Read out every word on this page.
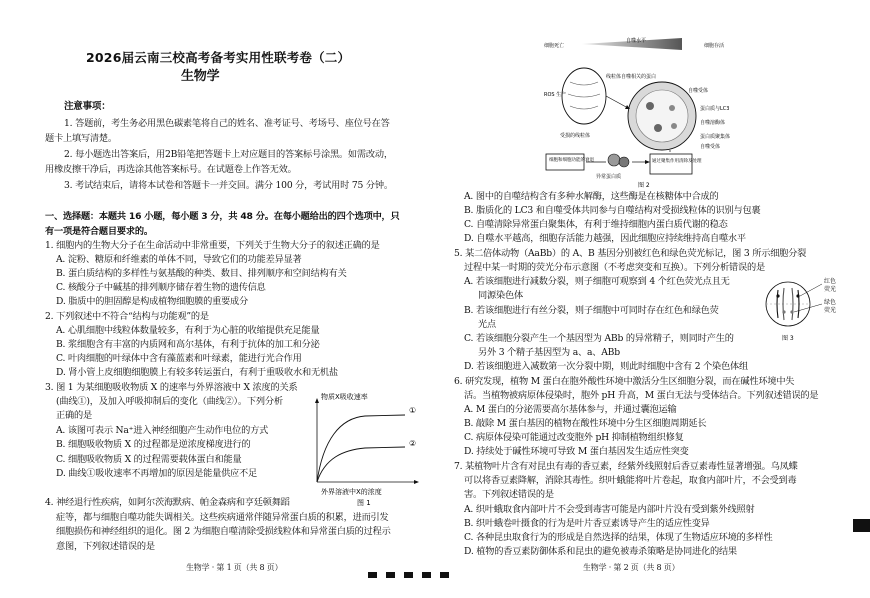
2026届云南三校高考备考实用性联考卷（二）
生物学
注意事项：
1. 答题前，考生务必用黑色碳素笔将自己的姓名、准考证号、考场号、座位号在答
题卡上填写清楚。
2. 每小题选出答案后，用2B铅笔把答题卡上对应题目的答案标号涂黑。如需改动，
用橡皮擦干净后，再选涂其他答案标号。在试题卷上作答无效。
3. 考试结束后，请将本试卷和答题卡一并交回。满分 100 分，考试用时 75 分钟。
一、选择题：本题共 16 小题，每小题 3 分，共 48 分。在每小题给出的四个选项中，只
有一项是符合题目要求的。
1. 细胞内的生物大分子在生命活动中非常重要，下列关于生物大分子的叙述正确的是
A. 淀粉、糖原和纤维素的单体不同，导致它们的功能差异显著
B. 蛋白质结构的多样性与氨基酸的种类、数目、排列顺序和空间结构有关
C. 核酸分子中碱基的排列顺序储存着生物的遗传信息
D. 脂质中的胆固醇是构成植物细胞膜的重要成分
2. 下列叙述中不符合“结构与功能观”的是
A. 心肌细胞中线粒体数量较多，有利于为心脏的收缩提供充足能量
B. 浆细胞含有丰富的内质网和高尔基体，有利于抗体的加工和分泌
C. 叶肉细胞的叶绿体中含有藻蓝素和叶绿素，能进行光合作用
D. 肾小管上皮细胞细胞膜上有较多转运蛋白，有利于重吸收水和无机盐
3. 图 1 为某细胞吸收物质 X 的速率与外界溶液中 X 浓度的关系
(曲线①)，及加入呼吸抑制后的变化（曲线②）。下列分析
正确的是
A. 该图可表示 Na⁺进入神经细胞产生动作电位的方式
B. 细胞吸收物质 X 的过程都是逆浓度梯度进行的
C. 细胞吸收物质 X 的过程需要载体蛋白和能量
D. 曲线①吸收速率不再增加的原因是能量供应不足
物质X吸收速率
①
②
外界溶液中X的浓度
图 1
4. 神经退行性疾病，如阿尔茨海默病、帕金森病和亨廷顿舞蹈
症等，都与细胞自噬功能失调相关。这些疾病通常伴随异常蛋白质的积累，进而引发
细胞损伤和神经组织的退化。图 2 为细胞自噬清除受损线粒体和异常蛋白质的过程示
意图，下列叙述错误的是
生物学 · 第 1 页（共 8 页）
自噬水平
细胞死亡	细胞存活
ROS 生产
受损的线粒体
线粒体自噬相关的蛋白
自噬受体
蛋白质与LC3
自噬溶酶体
蛋白质聚集体
自噬受体
细胞和细胞功能的衰退
异常蛋白质
通过聚集作用清除及处理
图 2
A. 图中的自噬结构含有多种水解酶，这些酶是在核糖体中合成的
B. 脂质化的 LC3 和自噬受体共同参与自噬结构对受损线粒体的识别与包裹
C. 自噬清除异常蛋白聚集体，有利于维持细胞内蛋白质代谢的稳态
D. 自噬水平越高，细胞存活能力越强，因此细胞应持续维持高自噬水平
5. 某二倍体动物（AaBb）的 A、B 基因分别被红色和绿色荧光标记，图 3 所示细胞分裂
过程中某一时期的荧光分布示意图（不考虑突变和互换）。下列分析错误的是
A. 若该细胞进行减数分裂，则子细胞可观察到 4 个红色荧光点且无
同源染色体
B. 若该细胞进行有丝分裂，则子细胞中可同时存在红色和绿色荧
光点
C. 若该细胞分裂产生一个基因型为 ABb 的异常精子，则同时产生的
另外 3 个精子基因型为 a、a、ABb
D. 若该细胞进入减数第一次分裂中期，则此时细胞中含有 2 个染色体组
红色
荧光
绿色
荧光
图 3
6. 研究发现，植物 M 蛋白在胞外酸性环境中激活分生区细胞分裂，而在碱性环境中失
活。当植物被病原体侵染时，胞外 pH 升高，M 蛋白无法与受体结合。下列叙述错误的是
A. M 蛋白的分泌需要高尔基体参与，并通过囊泡运输
B. 敲除 M 蛋白基因的植物在酸性环境中分生区细胞周期延长
C. 病原体侵染可能通过改变胞外 pH 抑制植物组织修复
D. 持续处于碱性环境可导致 M 蛋白基因发生适应性突变
7. 某植物叶片含有对昆虫有毒的香豆素，经紫外线照射后香豆素毒性显著增强。乌凤蝶
可以将香豆素降解，消除其毒性。织叶蛾能将叶片卷起，取食内部叶片，不会受到毒
害。下列叙述错误的是
A. 织叶蛾取食内部叶片不会受到毒害可能是内部叶片没有受到紫外线照射
B. 织叶蛾卷叶摄食的行为是叶片香豆素诱导产生的适应性变异
C. 各种昆虫取食行为的形成是自然选择的结果，体现了生物适应环境的多样性
D. 植物的香豆素防御体系和昆虫的避免被毒杀策略是协同进化的结果
生物学 · 第 2 页（共 8 页）
